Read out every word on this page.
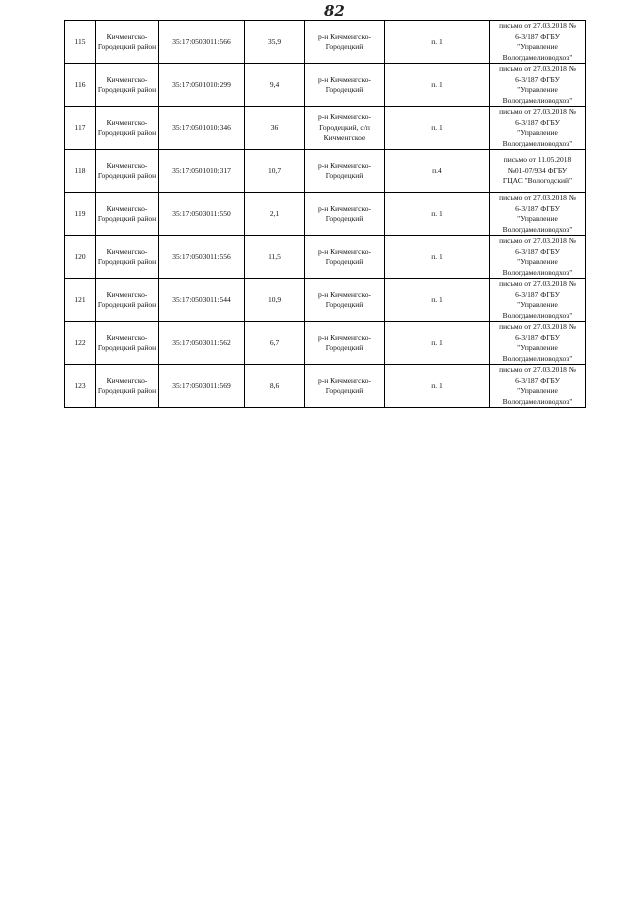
82
115	Кичменгско-Городецкий район	35:17:0503011:566	35,9	р-н Кичменгско-Городецкий	п. 1	письмо от 27.03.2018 №
6-3/187 ФГБУ
"Управление
Вологдамелиоводхоз"

116	Кичменгско-Городецкий район	35:17:0501010:299	9,4	р-н Кичменгско-Городецкий	п. 1	письмо от 27.03.2018 №
6-3/187 ФГБУ
"Управление
Вологдамелиоводхоз"

117	Кичменгско-Городецкий район	35:17:0501010:346	36	р-н Кичменгско-Городецкий, с/п Кичменгское	п. 1	письмо от 27.03.2018 №
6-3/187 ФГБУ
"Управление
Вологдамелиоводхоз"

118	Кичменгско-Городецкий район	35:17:0501010:317	10,7	р-н Кичменгско-Городецкий	п.4	письмо от 11.05.2018
№01-07/934 ФГБУ
ГЦАС "Вологодский"

119	Кичменгско-Городецкий район	35:17:0503011:550	2,1	р-н Кичменгско-Городецкий	п. 1	письмо от 27.03.2018 №
6-3/187 ФГБУ
"Управление
Вологдамелиоводхоз"

120	Кичменгско-Городецкий район	35:17:0503011:556	11,5	р-н Кичменгско-Городецкий	п. 1	письмо от 27.03.2018 №
6-3/187 ФГБУ
"Управление
Вологдамелиоводхоз"

121	Кичменгско-Городецкий район	35:17:0503011:544	10,9	р-н Кичменгско-Городецкий	п. 1	письмо от 27.03.2018 №
6-3/187 ФГБУ
"Управление
Вологдамелиоводхоз"

122	Кичменгско-Городецкий район	35:17:0503011:562	6,7	р-н Кичменгско-Городецкий	п. 1	письмо от 27.03.2018 №
6-3/187 ФГБУ
"Управление
Вологдамелиоводхоз"

123	Кичменгско-Городецкий район	35:17:0503011:569	8,6	р-н Кичменгско-Городецкий	п. 1	письмо от 27.03.2018 №
6-3/187 ФГБУ
"Управление
Вологдамелиоводхоз"
